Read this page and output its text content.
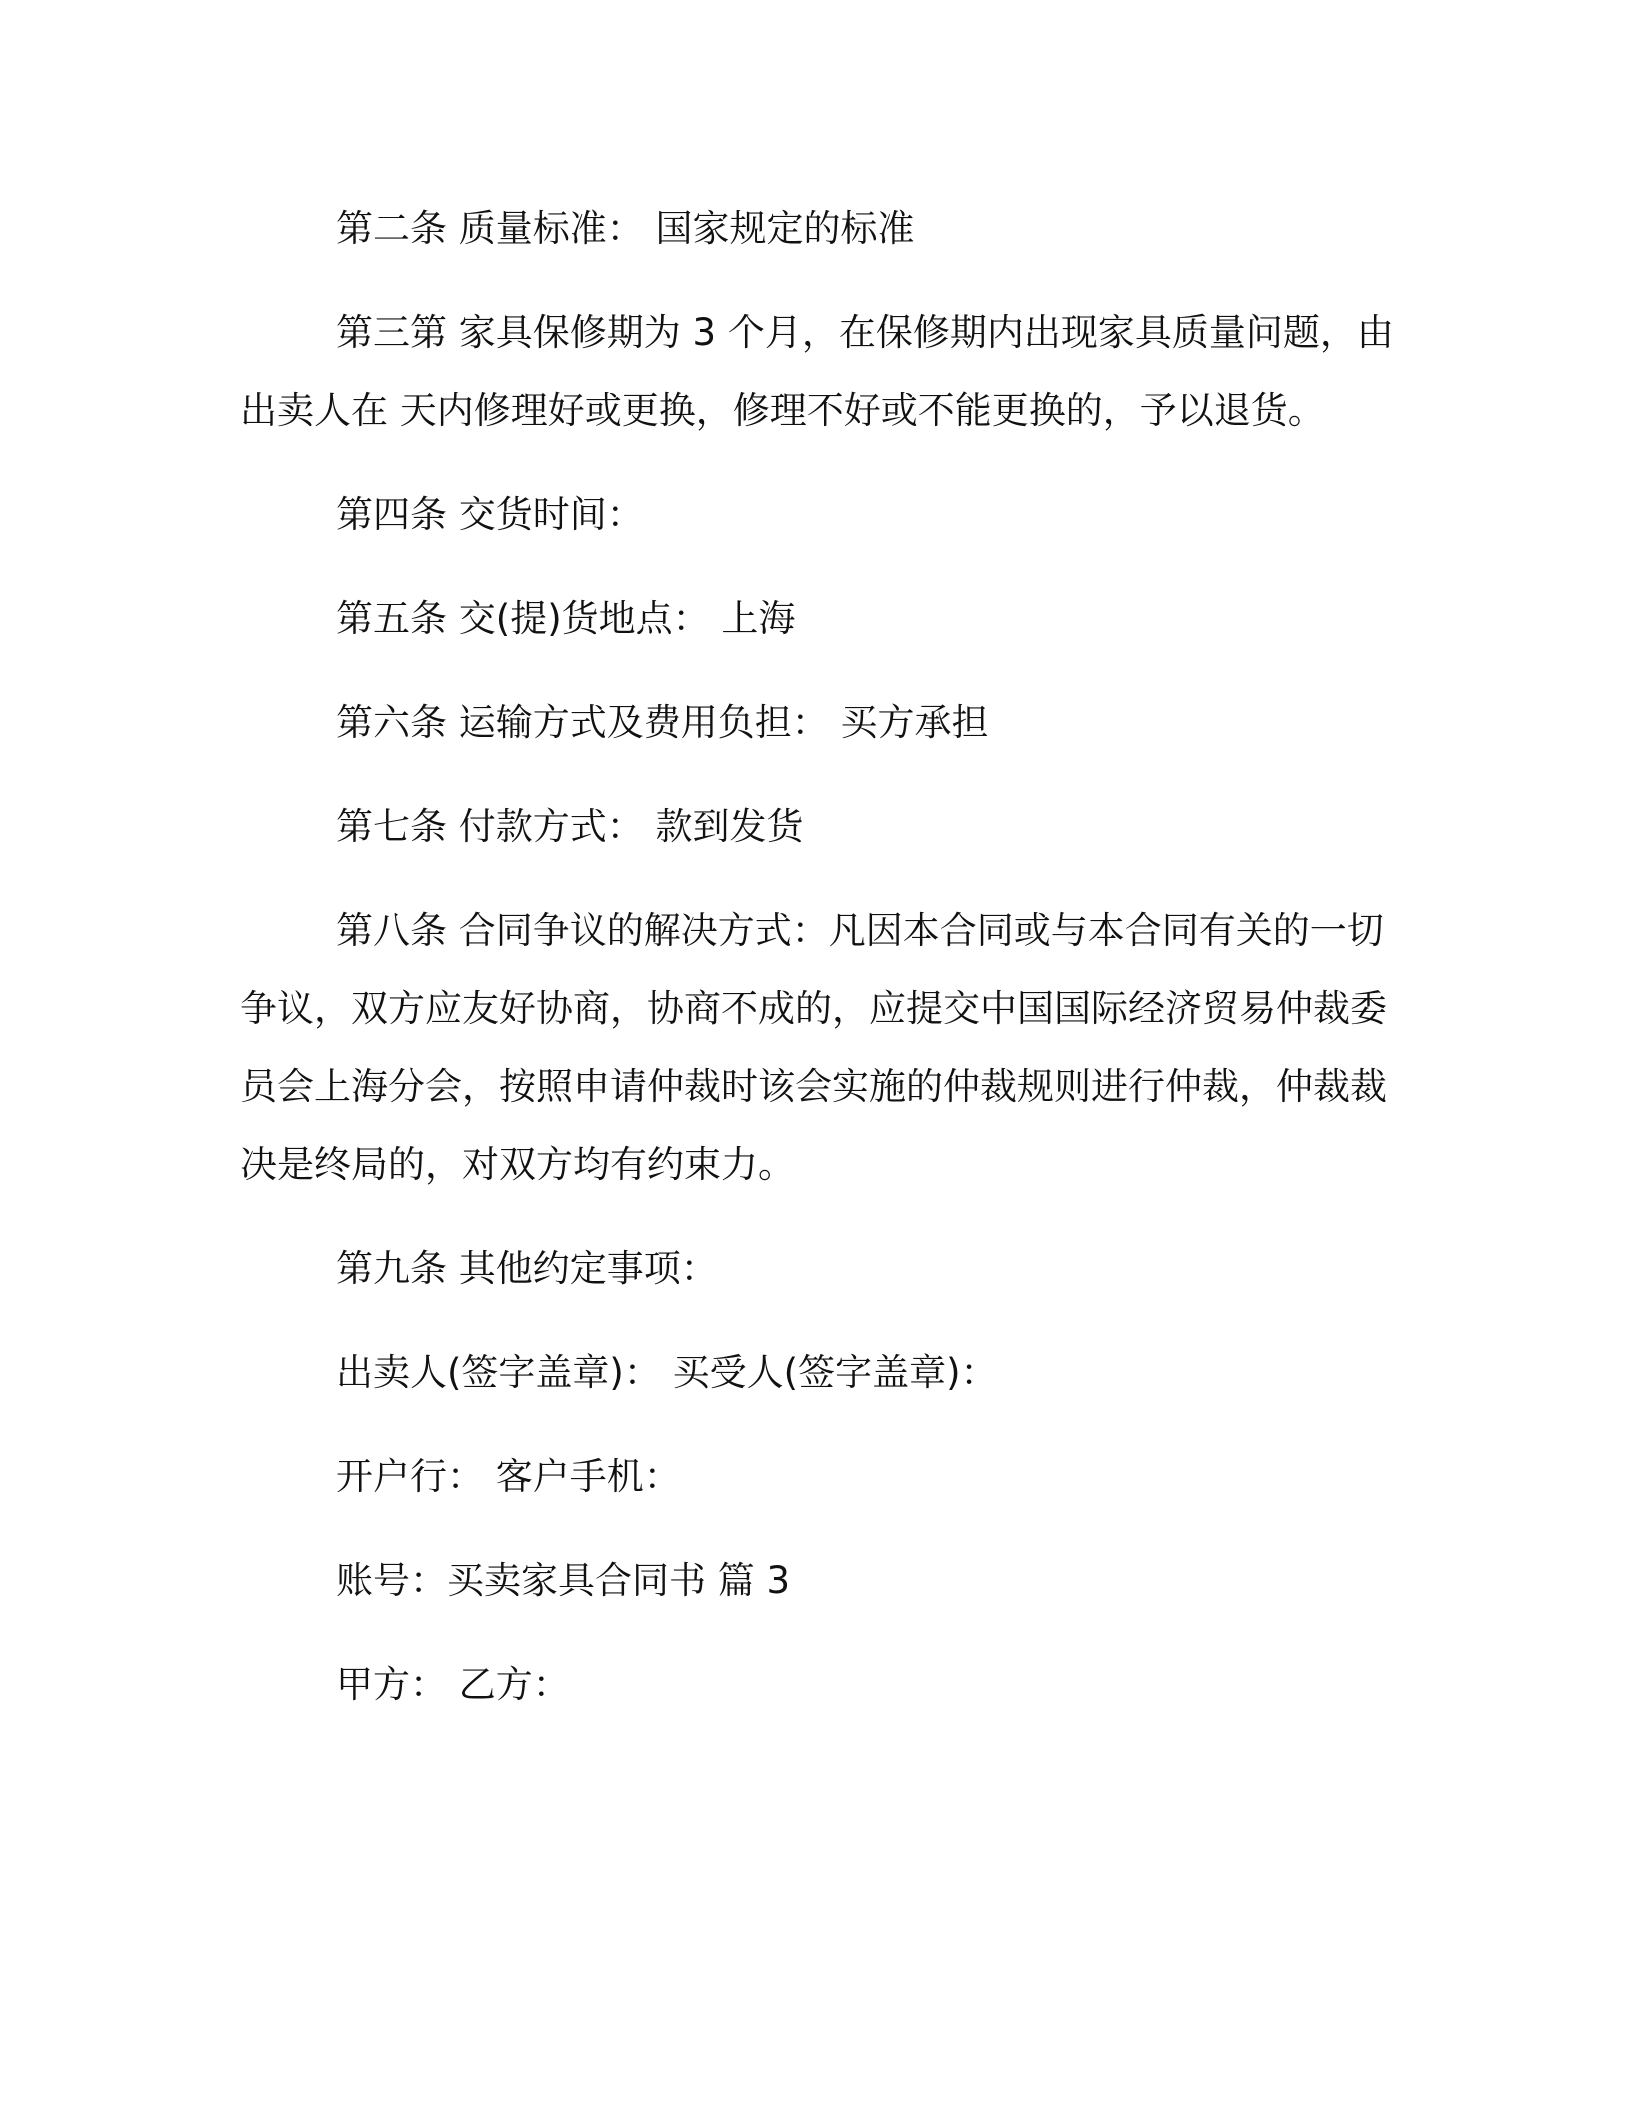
第二条 质量标准： 国家规定的标准

第三第 家具保修期为 3 个月，在保修期内出现家具质量问题，由出卖人在 天内修理好或更换，修理不好或不能更换的，予以退货。

第四条 交货时间：

第五条 交(提)货地点： 上海

第六条 运输方式及费用负担： 买方承担

第七条 付款方式： 款到发货

第八条 合同争议的解决方式：凡因本合同或与本合同有关的一切争议，双方应友好协商，协商不成的，应提交中国国际经济贸易仲裁委员会上海分会，按照申请仲裁时该会实施的仲裁规则进行仲裁，仲裁裁决是终局的，对双方均有约束力。

第九条 其他约定事项：

出卖人(签字盖章)： 买受人(签字盖章)：

开户行： 客户手机：

账号：买卖家具合同书 篇 3

甲方： 乙方：
